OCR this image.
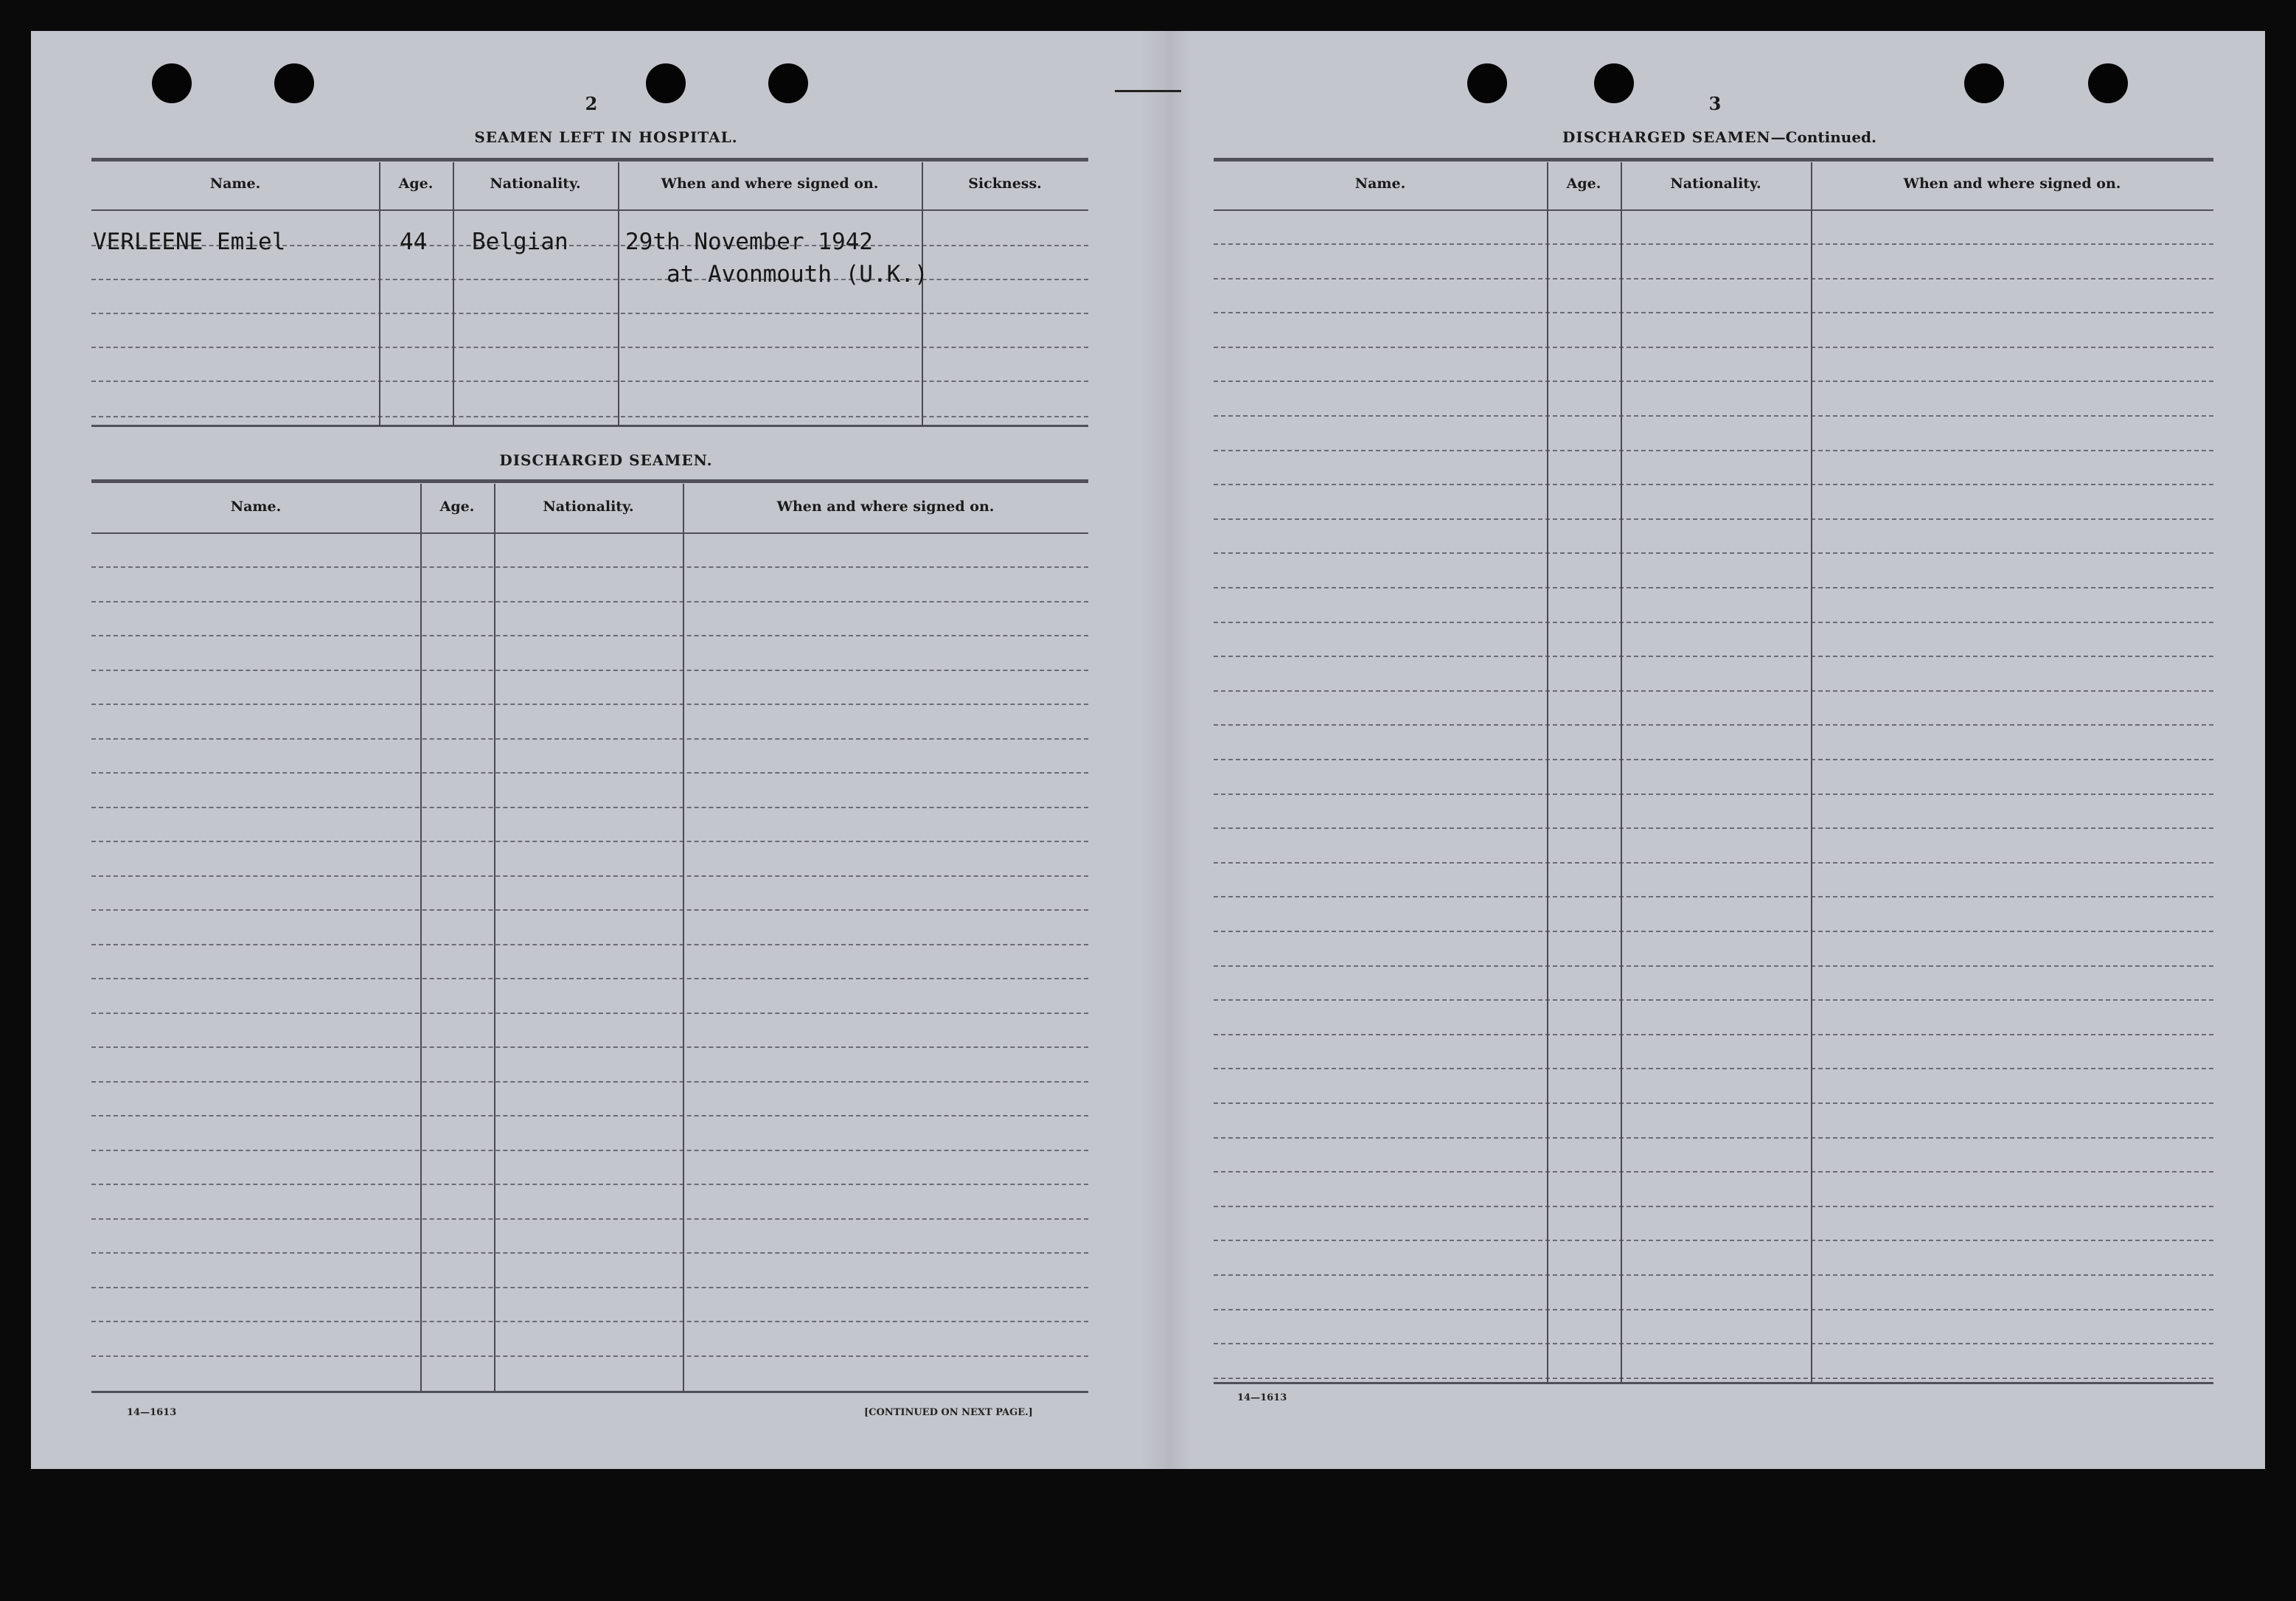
2
SEAMEN LEFT IN HOSPITAL.
Name.	Age.	Nationality.	When and where signed on.	Sickness.
VERLEENE Emiel	44 Belgian 29th November 1942
at Avonmouth (U.K.)
DISCHARGED SEAMEN.
Name.	Age.	Nationality.	When and where signed on.
14—1613	[CONTINUED ON NEXT PAGE.]
3
DISCHARGED SEAMEN—Continued.
Name.	Age.	Nationality.	When and where signed on.
14—1613
